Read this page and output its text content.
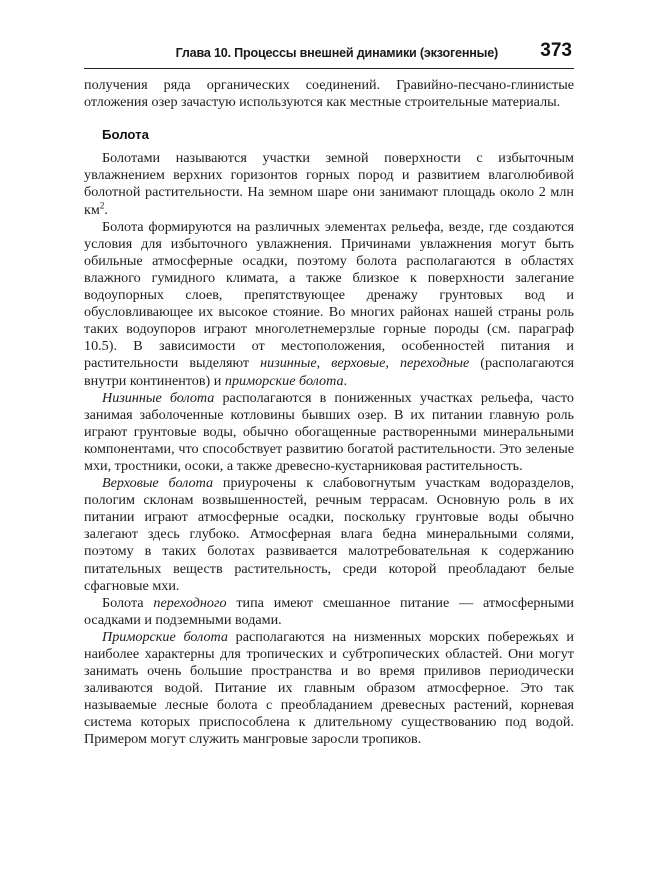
Глава 10. Процессы внешней динамики (экзогенные) 373

получения ряда органических соединений. Гравийно-песчано-глинистые отложения озер зачастую используются как местные строительные материалы.

Болота

Болотами называются участки земной поверхности с избыточным увлажнением верхних горизонтов горных пород и развитием влаголюбивой болотной растительности. На земном шаре они занимают площадь около 2 млн $км^2$.

Болота формируются на различных элементах рельефа, везде, где создаются условия для избыточного увлажнения. Причинами увлажнения могут быть обильные атмосферные осадки, поэтому болота располагаются в областях влажного гумидного климата, а также близкое к поверхности залегание водоупорных слоев, препятствующее дренажу грунтовых вод и обусловливающее их высокое стояние. Во многих районах нашей страны роль таких водоупоров играют многолетнемерзлые горные породы (см. параграф 10.5). В зависимости от местоположения, особенностей питания и растительности выделяют низинные, верховые, переходные (располагаются внутри континентов) и приморские болота.

Низинные болота располагаются в пониженных участках рельефа, часто занимая заболоченные котловины бывших озер. В их питании главную роль играют грунтовые воды, обычно обогащенные растворенными минеральными компонентами, что способствует развитию богатой растительности. Это зеленые мхи, тростники, осоки, а также древесно-кустарниковая растительность.

Верховые болота приурочены к слабовогнутым участкам водоразделов, пологим склонам возвышенностей, речным террасам. Основную роль в их питании играют атмосферные осадки, поскольку грунтовые воды обычно залегают здесь глубоко. Атмосферная влага бедна минеральными солями, поэтому в таких болотах развивается малотребовательная к содержанию питательных веществ растительность, среди которой преобладают белые сфагновые мхи.

Болота переходного типа имеют смешанное питание — атмосферными осадками и подземными водами.

Приморские болота располагаются на низменных морских побережьях и наиболее характерны для тропических и субтропических областей. Они могут занимать очень большие пространства и во время приливов периодически заливаются водой. Питание их главным образом атмосферное. Это так называемые лесные болота с преобладанием древесных растений, корневая система которых приспособлена к длительному существованию под водой. Примером могут служить мангровые заросли тропиков.
